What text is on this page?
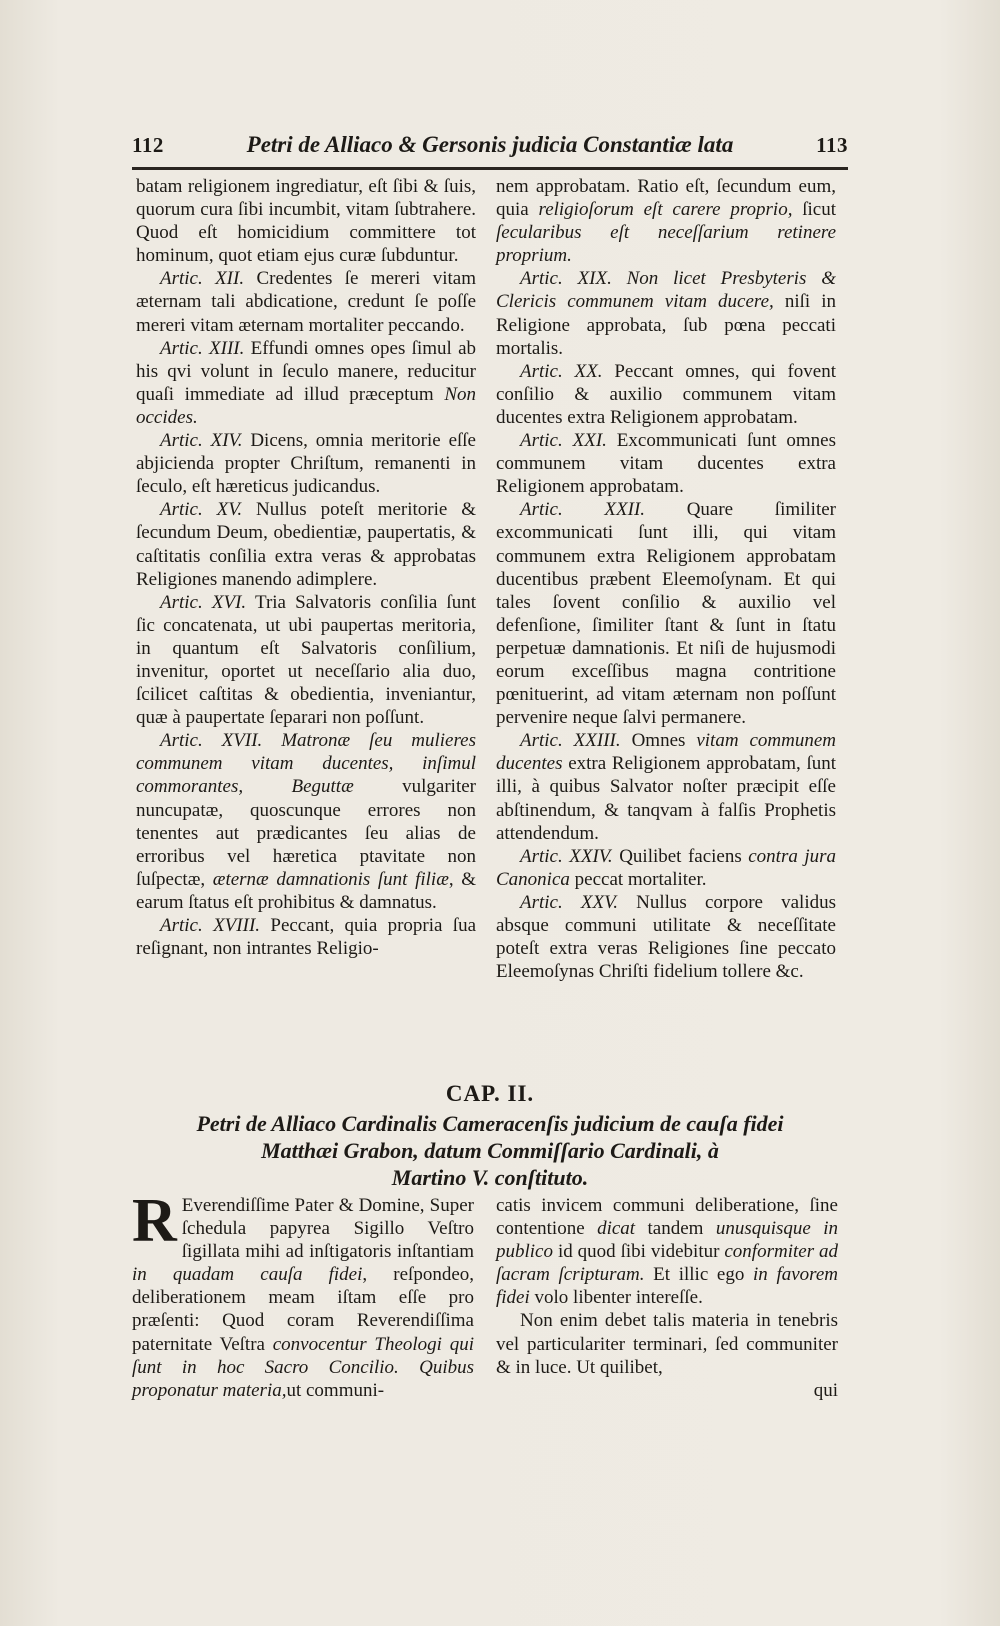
112	Petri de Alliaco & Gersonis judicia Constantiæ lata	113

batam religionem ingrediatur, eſt ſibi & ſuis, quorum cura ſibi incumbit, vitam ſubtrahere. Quod eſt homicidium committere tot hominum, quot etiam ejus curæ ſubduntur.

Artic. XII. Credentes ſe mereri vitam æternam tali abdicatione, credunt ſe poſſe mereri vitam æternam mortaliter peccando.

Artic. XIII. Effundi omnes opes ſimul ab his qvi volunt in ſeculo manere, reducitur quaſi immediate ad illud præceptum Non occides.

Artic. XIV. Dicens, omnia meritorie eſſe abjicienda propter Chriſtum, remanenti in ſeculo, eſt hæreticus judicandus.

Artic. XV. Nullus poteſt meritorie & ſecundum Deum, obedientiæ, paupertatis, & caſtitatis conſilia extra veras & approbatas Religiones manendo adimplere.

Artic. XVI. Tria Salvatoris conſilia ſunt ſic concatenata, ut ubi paupertas meritoria, in quantum eſt Salvatoris conſilium, invenitur, oportet ut neceſſario alia duo, ſcilicet caſtitas & obedientia, inveniantur, quæ à paupertate ſeparari non poſſunt.

Artic. XVII. Matronæ ſeu mulieres communem vitam ducentes, inſimul commorantes, Beguttæ	vulgariter nuncupatæ, quoscunque errores non tenentes aut prædicantes ſeu alias de erroribus vel hæretica ptavitate non ſuſpectæ, æternæ damnationis ſunt filiæ, & earum ſtatus eſt prohibitus & damnatus.

Artic. XVIII. Peccant, quia propria ſua reſignant, non intrantes Religio-

nem approbatam. Ratio eſt, ſecundum eum, quia religioſorum eſt carere proprio, ſicut ſecularibus eſt neceſſarium retinere proprium.

Artic. XIX. Non licet Presbyteris & Clericis communem vitam ducere, niſi in Religione approbata, ſub pœna peccati mortalis.

Artic. XX. Peccant omnes, qui fovent conſilio & auxilio communem vitam ducentes extra Religionem approbatam.

Artic. XXI. Excommunicati ſunt omnes communem vitam ducentes extra Religionem approbatam.

Artic. XXII. Quare ſimiliter excommunicati ſunt illi, qui vitam communem extra Religionem approbatam ducentibus præbent Eleemoſynam. Et qui tales ſovent conſilio & auxilio vel defenſione, ſimiliter ſtant & ſunt in ſtatu perpetuæ damnationis. Et niſi de hujusmodi eorum exceſſibus magna contritione pœnituerint, ad vitam æternam non poſſunt pervenire neque ſalvi permanere.

Artic. XXIII. Omnes vitam communem ducentes extra Religionem approbatam, ſunt illi, à quibus Salvator noſter præcipit eſſe abſtinendum, & tanqvam à falſis Prophetis attendendum.

Artic. XXIV. Quilibet faciens contra jura Canonica peccat mortaliter.

Artic. XXV. Nullus corpore validus absque communi utilitate & neceſſitate poteſt extra veras Religiones ſine peccato Eleemoſynas Chriſti fidelium tollere &c.

CAP. II.
Petri de Alliaco Cardinalis Cameracenſis judicium de cauſa fidei
Matthæi Grabon, datum Commiſſario Cardinali, à
Martino V. conſtituto.

R Everendiſſime Pater & Domine, Super ſchedula papyrea Sigillo Veſtro ſigillata mihi ad inſtigatoris inſtantiam in quadam cauſa fidei, reſpondeo, deliberationem meam iſtam eſſe pro præſenti: Quod coram Reverendiſſima paternitate Veſtra convocentur Theologi qui ſunt in hoc Sacro Concilio. Quibus proponatur materia,ut communi-

catis invicem communi deliberatione, ſine contentione dicat tandem unusquisque in publico id quod ſibi videbitur conformiter ad ſacram ſcripturam. Et illic ego in favorem fidei volo libenter intereſſe.

Non enim debet talis materia in tenebris vel particulariter terminari, ſed communiter & in luce. Ut quilibet,

qui
